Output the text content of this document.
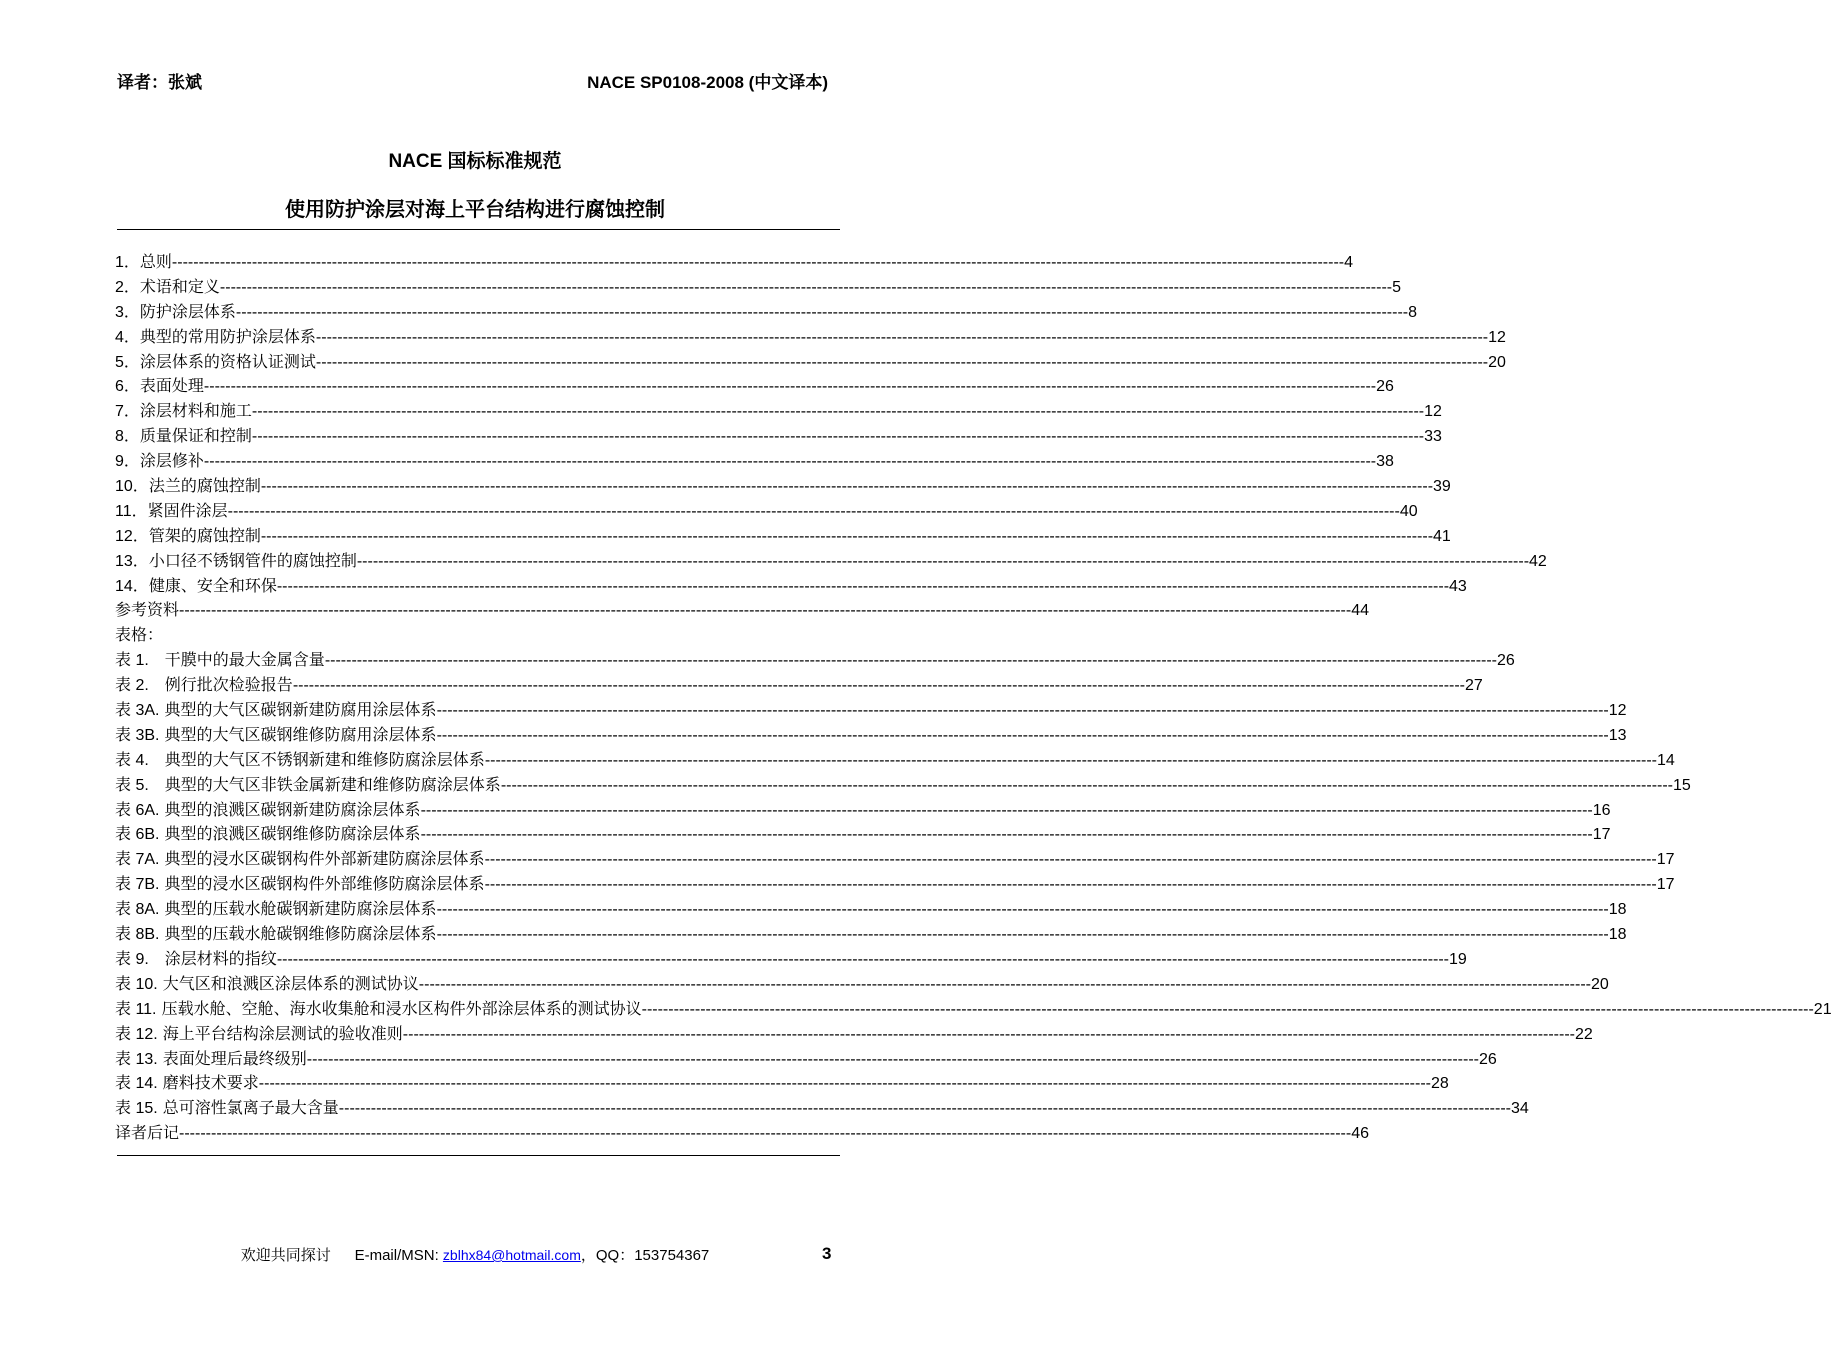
译者：张斌	NACE SP0108-2008 (中文译本)
NACE 国标标准规范
使用防护涂层对海上平台结构进行腐蚀控制
1．总则 ---------------------------------------------------------------------------------------------------------------------------------------------------------------------------------------------------------------------------- 4
2．术语和定义 ---------------------------------------------------------------------------------------------------------------------------------------------------------------------------------------------------------------------------- 5
3．防护涂层体系 ---------------------------------------------------------------------------------------------------------------------------------------------------------------------------------------------------------------------------- 8
4．典型的常用防护涂层体系 ---------------------------------------------------------------------------------------------------------------------------------------------------------------------------------------------------------------------------- 12
5．涂层体系的资格认证测试 ---------------------------------------------------------------------------------------------------------------------------------------------------------------------------------------------------------------------------- 20
6．表面处理 ---------------------------------------------------------------------------------------------------------------------------------------------------------------------------------------------------------------------------- 26
7．涂层材料和施工 ---------------------------------------------------------------------------------------------------------------------------------------------------------------------------------------------------------------------------- 12
8．质量保证和控制 ---------------------------------------------------------------------------------------------------------------------------------------------------------------------------------------------------------------------------- 33
9．涂层修补 ---------------------------------------------------------------------------------------------------------------------------------------------------------------------------------------------------------------------------- 38
10．法兰的腐蚀控制 ---------------------------------------------------------------------------------------------------------------------------------------------------------------------------------------------------------------------------- 39
11．紧固件涂层 ---------------------------------------------------------------------------------------------------------------------------------------------------------------------------------------------------------------------------- 40
12．管架的腐蚀控制 ---------------------------------------------------------------------------------------------------------------------------------------------------------------------------------------------------------------------------- 41
13．小口径不锈钢管件的腐蚀控制 ---------------------------------------------------------------------------------------------------------------------------------------------------------------------------------------------------------------------------- 42
14．健康、安全和环保 ---------------------------------------------------------------------------------------------------------------------------------------------------------------------------------------------------------------------------- 43
参考资料 ---------------------------------------------------------------------------------------------------------------------------------------------------------------------------------------------------------------------------- 44
表格：
表 1.　干膜中的最大金属含量 ---------------------------------------------------------------------------------------------------------------------------------------------------------------------------------------------------------------------------- 26
表 2.　例行批次检验报告 ---------------------------------------------------------------------------------------------------------------------------------------------------------------------------------------------------------------------------- 27
表 3A. 典型的大气区碳钢新建防腐用涂层体系 ---------------------------------------------------------------------------------------------------------------------------------------------------------------------------------------------------------------------------- 12
表 3B. 典型的大气区碳钢维修防腐用涂层体系 ---------------------------------------------------------------------------------------------------------------------------------------------------------------------------------------------------------------------------- 13
表 4.　典型的大气区不锈钢新建和维修防腐涂层体系 ---------------------------------------------------------------------------------------------------------------------------------------------------------------------------------------------------------------------------- 14
表 5.　典型的大气区非铁金属新建和维修防腐涂层体系 ---------------------------------------------------------------------------------------------------------------------------------------------------------------------------------------------------------------------------- 15
表 6A. 典型的浪溅区碳钢新建防腐涂层体系 ---------------------------------------------------------------------------------------------------------------------------------------------------------------------------------------------------------------------------- 16
表 6B. 典型的浪溅区碳钢维修防腐涂层体系 ---------------------------------------------------------------------------------------------------------------------------------------------------------------------------------------------------------------------------- 17
表 7A. 典型的浸水区碳钢构件外部新建防腐涂层体系 ---------------------------------------------------------------------------------------------------------------------------------------------------------------------------------------------------------------------------- 17
表 7B. 典型的浸水区碳钢构件外部维修防腐涂层体系 ---------------------------------------------------------------------------------------------------------------------------------------------------------------------------------------------------------------------------- 17
表 8A. 典型的压载水舱碳钢新建防腐涂层体系 ---------------------------------------------------------------------------------------------------------------------------------------------------------------------------------------------------------------------------- 18
表 8B. 典型的压载水舱碳钢维修防腐涂层体系 ---------------------------------------------------------------------------------------------------------------------------------------------------------------------------------------------------------------------------- 18
表 9.　涂层材料的指纹 ---------------------------------------------------------------------------------------------------------------------------------------------------------------------------------------------------------------------------- 19
表 10. 大气区和浪溅区涂层体系的测试协议 ---------------------------------------------------------------------------------------------------------------------------------------------------------------------------------------------------------------------------- 20
表 11. 压载水舱、空舱、海水收集舱和浸水区构件外部涂层体系的测试协议 ---------------------------------------------------------------------------------------------------------------------------------------------------------------------------------------------------------------------------- 21
表 12. 海上平台结构涂层测试的验收准则 ---------------------------------------------------------------------------------------------------------------------------------------------------------------------------------------------------------------------------- 22
表 13. 表面处理后最终级别 ---------------------------------------------------------------------------------------------------------------------------------------------------------------------------------------------------------------------------- 26
表 14. 磨料技术要求 ---------------------------------------------------------------------------------------------------------------------------------------------------------------------------------------------------------------------------- 28
表 15. 总可溶性氯离子最大含量 ---------------------------------------------------------------------------------------------------------------------------------------------------------------------------------------------------------------------------- 34
译者后记 ---------------------------------------------------------------------------------------------------------------------------------------------------------------------------------------------------------------------------- 46
欢迎共同探讨 E-mail/MSN: zblhx84@hotmail.com，QQ：153754367	3
